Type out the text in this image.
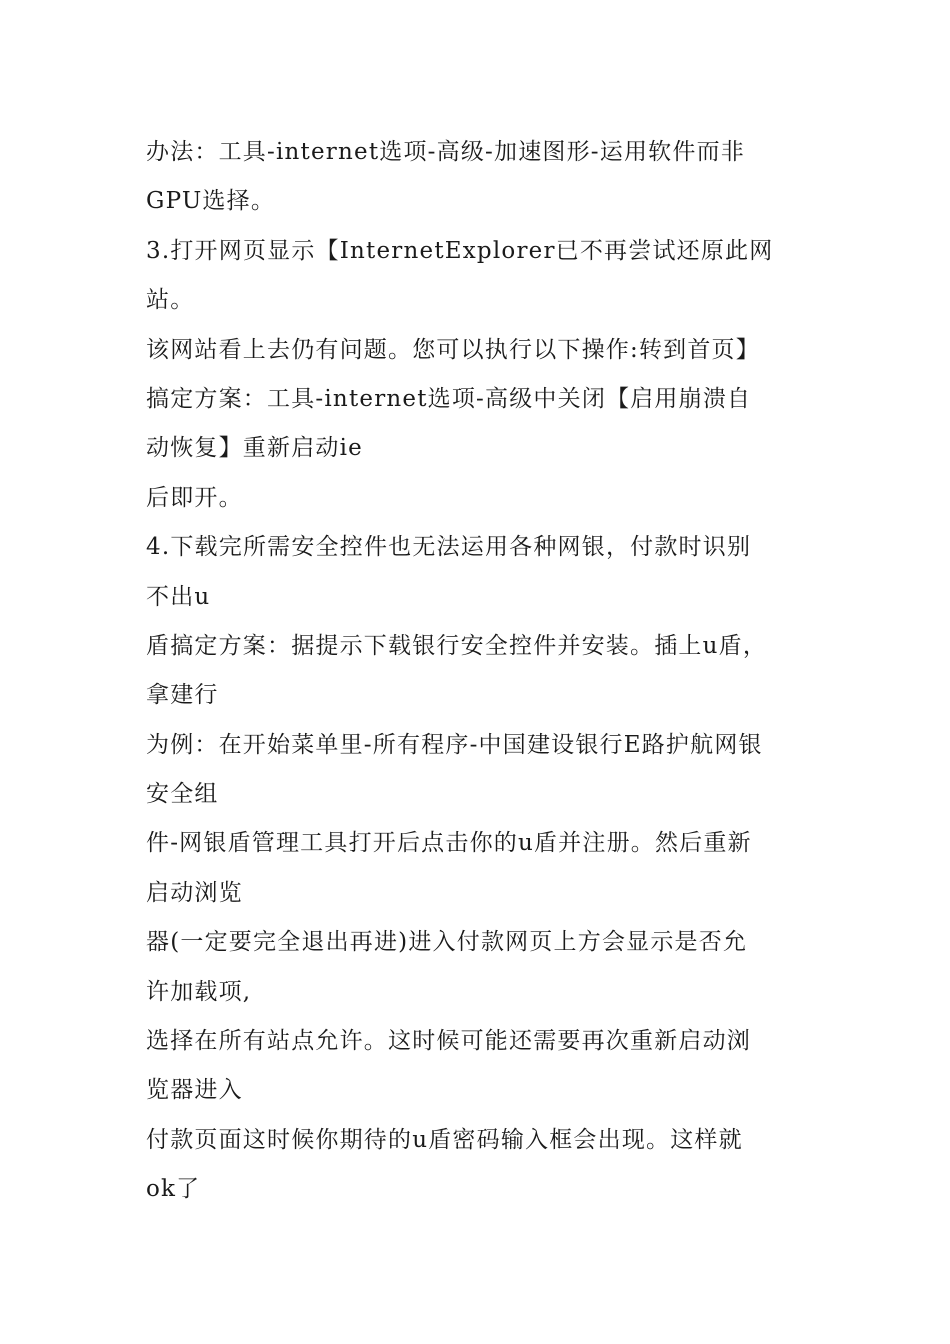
办法：工具-internet选项-高级-加速图形-运用软件而非
GPU选择。
3.打开网页显示【InternetExplorer已不再尝试还原此网
站。
该网站看上去仍有问题。您可以执行以下操作:转到首页】
搞定方案：工具-internet选项-高级中关闭【启用崩溃自
动恢复】重新启动ie
后即开。
4.下载完所需安全控件也无法运用各种网银，付款时识别
不出u
盾搞定方案：据提示下载银行安全控件并安装。插上u盾，
拿建行
为例：在开始菜单里-所有程序-中国建设银行E路护航网银
安全组
件-网银盾管理工具打开后点击你的u盾并注册。然后重新
启动浏览
器(一定要完全退出再进)进入付款网页上方会显示是否允
许加载项,
选择在所有站点允许。这时候可能还需要再次重新启动浏
览器进入
付款页面这时候你期待的u盾密码输入框会出现。这样就
ok了
